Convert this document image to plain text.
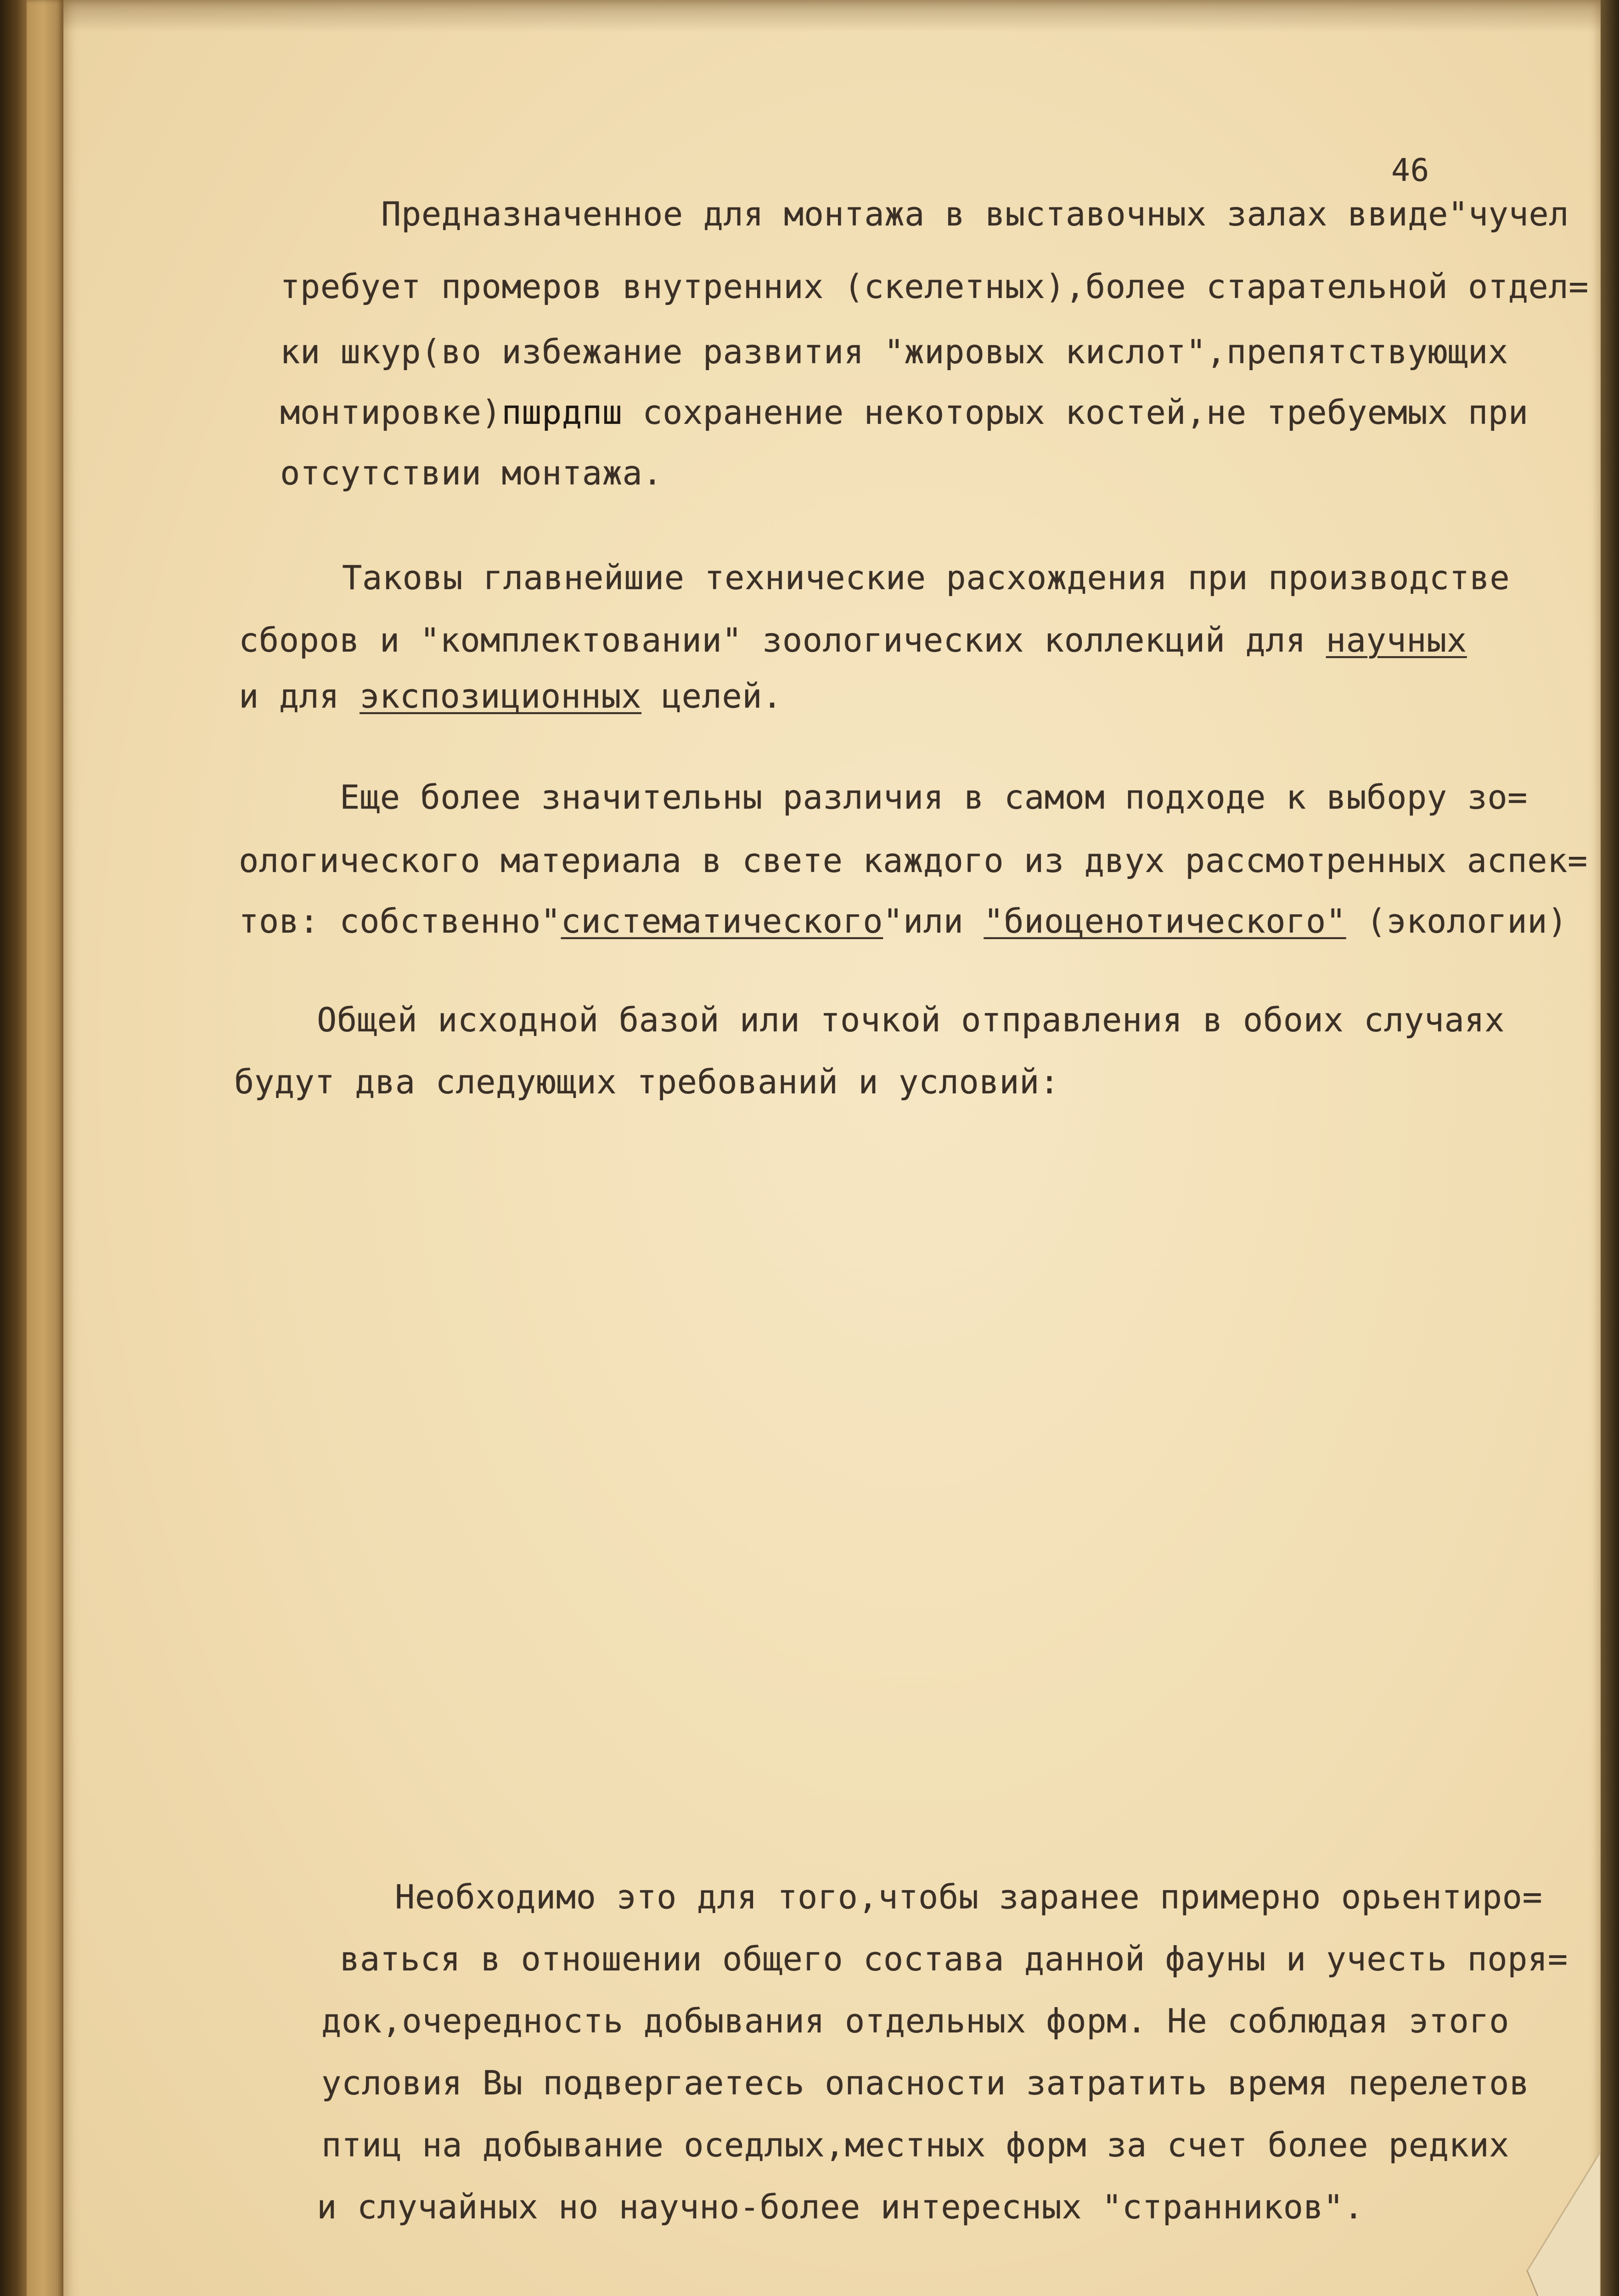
46

Предназначенное для монтажа в выставочных залах ввиде"чучел

требует промеров внутренних (скелетных),более старательной отдел=

ки шкур(во избежание развития "жировых кислот",препятствующих

монтировке)пшрдпш сохранение некоторых костей,не требуемых при

отсутствии монтажа.

Таковы главнейшие технические расхождения при производстве

сборов и "комплектовании" зоологических коллекций для научных

и для экспозиционных целей.

Еще более значительны различия в самом подходе к выбору зо=

ологического материала в свете каждого из двух рассмотренных аспек=

тов: собственно"систематического"или "биоценотического" (экологии)

Общей исходной базой или точкой отправления в обоих случаях

будут два следующих требований и условий:

Необходимо это для того,чтобы заранее примерно орьентиро=

ваться в отношении общего состава данной фауны и учесть поря=

док,очередность добывания отдельных форм. Не соблюдая этого

условия Вы подвергаетесь опасности затратить время перелетов

птиц на добывание оседлых,местных форм за счет более редких

и случайных но научно-более интересных "странников".
